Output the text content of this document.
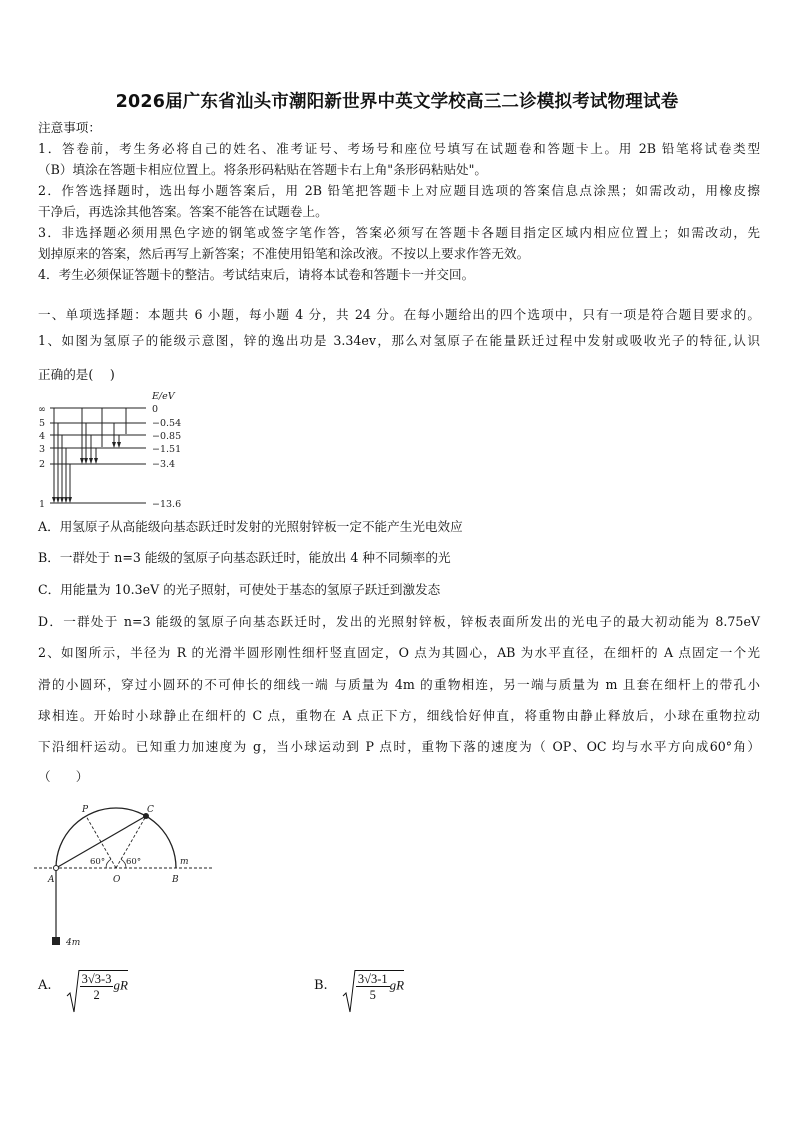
2026届广东省汕头市潮阳新世界中英文学校高三二诊模拟考试物理试卷
注意事项：
1．答卷前，考生务必将自己的姓名、准考证号、考场号和座位号填写在试题卷和答题卡上。用 2B 铅笔将试卷类型
（B）填涂在答题卡相应位置上。将条形码粘贴在答题卡右上角"条形码粘贴处"。
2．作答选择题时，选出每小题答案后，用 2B 铅笔把答题卡上对应题目选项的答案信息点涂黑；如需改动，用橡皮擦
干净后，再选涂其他答案。答案不能答在试题卷上。
3．非选择题必须用黑色字迹的钢笔或签字笔作答，答案必须写在答题卡各题目指定区域内相应位置上；如需改动，先
划掉原来的答案，然后再写上新答案；不准使用铅笔和涂改液。不按以上要求作答无效。
4．考生必须保证答题卡的整洁。考试结束后，请将本试卷和答题卡一并交回。
一、单项选择题：本题共 6 小题，每小题 4 分，共 24 分。在每小题给出的四个选项中，只有一项是符合题目要求的。
1、如图为氢原子的能级示意图，锌的逸出功是 3.34ev，那么对氢原子在能量跃迁过程中发射或吸收光子的特征,认识
正确的是(　 )
E/eV
∞
5
4
3
2
1
0
−0.54
−0.85
−1.51
−3.4
−13.6
A．用氢原子从高能级向基态跃迁时发射的光照射锌板一定不能产生光电效应
B．一群处于 n=3 能级的氢原子向基态跃迁时，能放出 4 种不同频率的光
C．用能量为 10.3eV 的光子照射，可使处于基态的氢原子跃迁到激发态
D．一群处于 n=3 能级的氢原子向基态跃迁时，发出的光照射锌板，锌板表面所发出的光电子的最大初动能为 8.75eV
2、如图所示，半径为 R 的光滑半圆形刚性细杆竖直固定，O 点为其圆心，AB 为水平直径，在细杆的 A 点固定一个光
滑的小圆环，穿过小圆环的不可伸长的细线一端 与质量为 4m 的重物相连，另一端与质量为 m 且套在细杆上的带孔小
球相连。开始时小球静止在细杆的 C 点，重物在 A 点正下方，细线恰好伸直，将重物由静止释放后，小球在重物拉动
下沿细杆运动。已知重力加速度为 g，当小球运动到 P 点时，重物下落的速度为（ OP、OC 均与水平方向成60°角）
（　　）
P	C
A	O	B
m
4m
60° 60°
A. $\frac{3√3-3}{2}$ gR	B. $\frac{3√3-1}{5}$ gR
